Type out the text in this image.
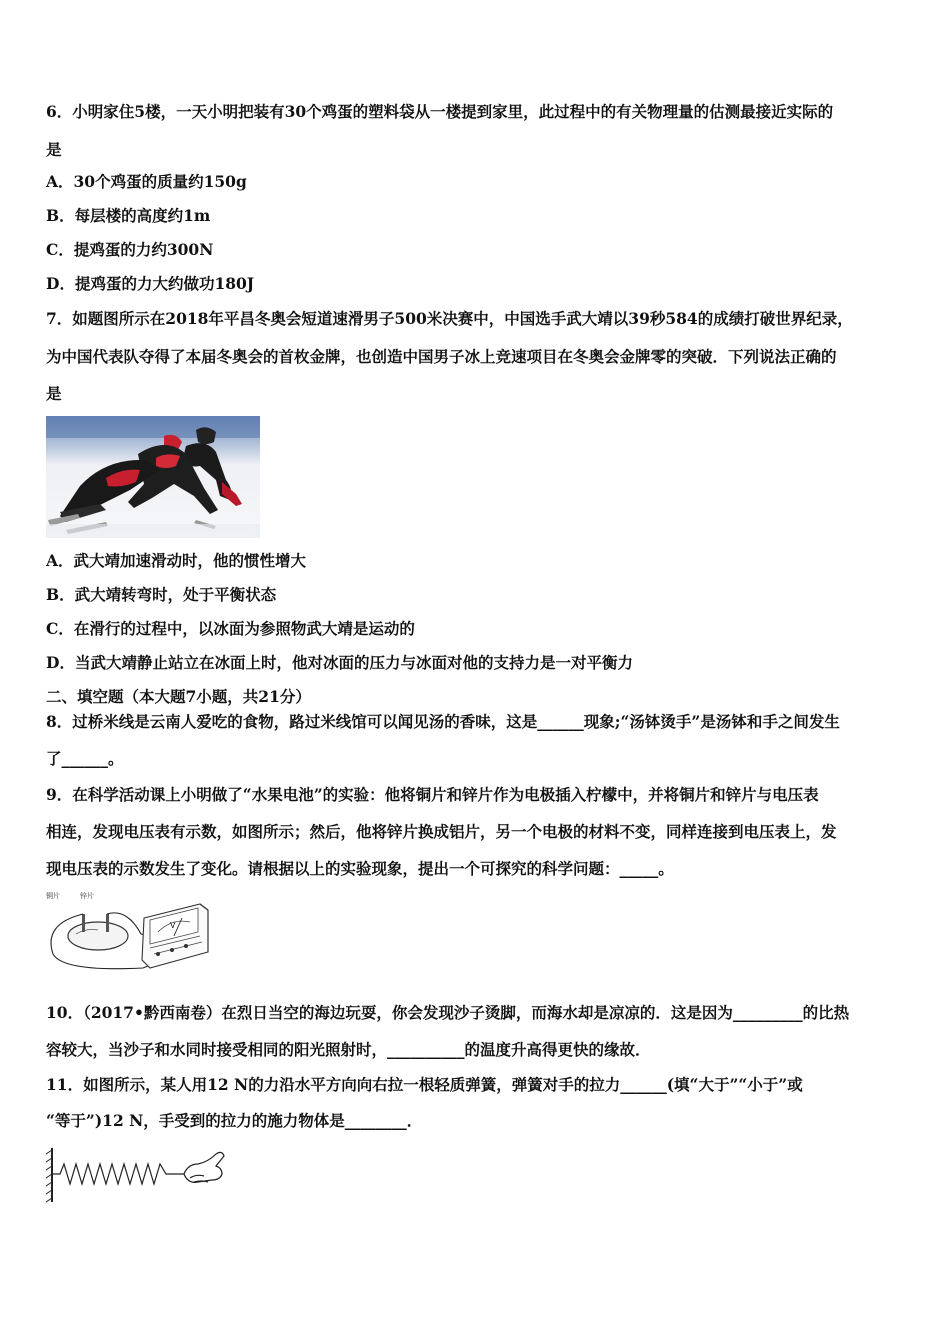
6．小明家住5楼，一天小明把装有30个鸡蛋的塑料袋从一楼提到家里，此过程中的有关物理量的估测最接近实际的
是
A．30个鸡蛋的质量约150g
B．每层楼的高度约1m
C．提鸡蛋的力约300N
D．提鸡蛋的力大约做功180J
7．如题图所示在2018年平昌冬奥会短道速滑男子500米决赛中，中国选手武大靖以39秒584的成绩打破世界纪录，
为中国代表队夺得了本届冬奥会的首枚金牌，也创造中国男子冰上竞速项目在冬奥会金牌零的突破．下列说法正确的
是
A．武大靖加速滑动时，他的惯性增大
B．武大靖转弯时，处于平衡状态
C．在滑行的过程中，以冰面为参照物武大靖是运动的
D．当武大靖静止站立在冰面上时，他对冰面的压力与冰面对他的支持力是一对平衡力
二、填空题（本大题7小题，共21分）
8．过桥米线是云南人爱吃的食物，路过米线馆可以闻见汤的香味，这是______现象;“汤钵烫手”是汤钵和手之间发生
了______。
9．在科学活动课上小明做了“水果电池”的实验：他将铜片和锌片作为电极插入柠檬中，并将铜片和锌片与电压表
相连，发现电压表有示数，如图所示；然后，他将锌片换成铝片，另一个电极的材料不变，同样连接到电压表上，发
现电压表的示数发生了变化。请根据以上的实验现象，提出一个可探究的科学问题：_____。
铜片	锌片
V
10．（2017•黔西南卷）在烈日当空的海边玩耍，你会发现沙子烫脚，而海水却是凉凉的．这是因为_________的比热
容较大，当沙子和水同时接受相同的阳光照射时，__________的温度升高得更快的缘故．
11．如图所示，某人用12 N的力沿水平方向向右拉一根轻质弹簧，弹簧对手的拉力______(填“大于”“小于”或
“等于”)12 N，手受到的拉力的施力物体是________．
